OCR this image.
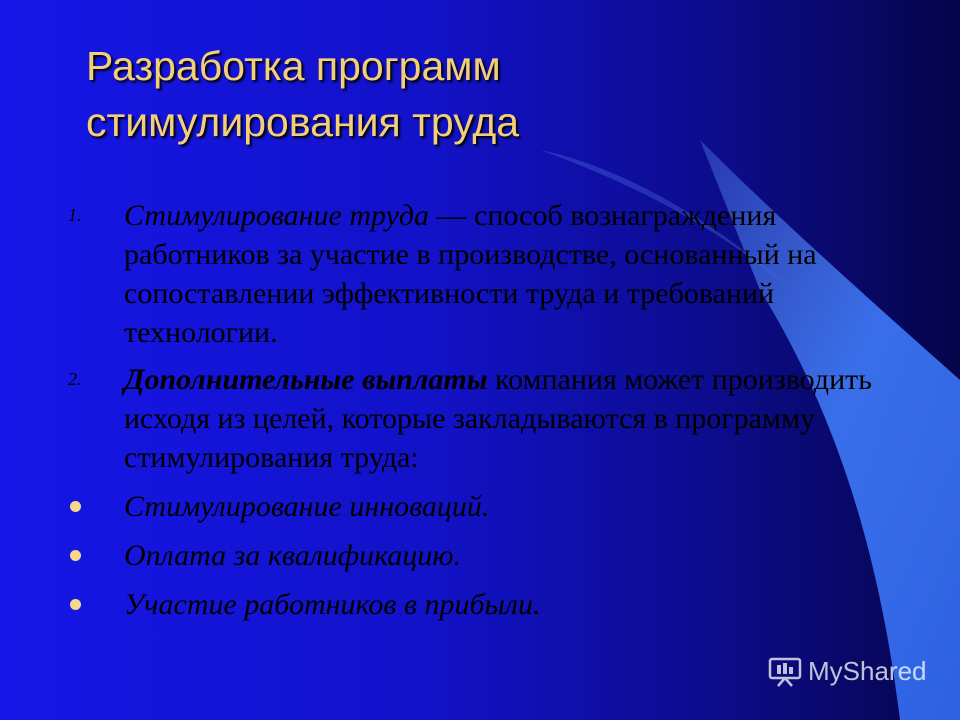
Разработка программ
стимулирования труда
1. Стимулирование труда — способ вознаграждения работников за участие в производстве, основанный на сопоставлении эффективности труда и требований технологии.
2. Дополнительные выплаты компания может производить исходя из целей, которые закладываются в программу стимулирования труда:
Стимулирование инноваций.
Оплата за квалификацию.
Участие работников в прибыли.
MyShared
